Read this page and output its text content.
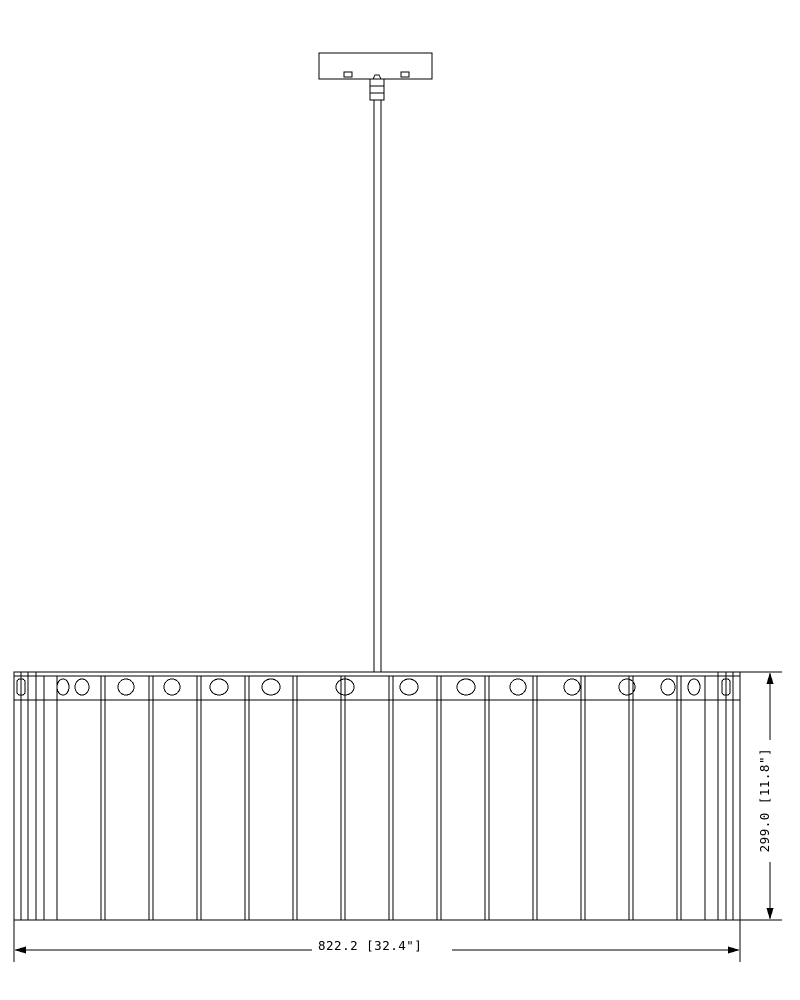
822.2 [32.4"]
299.0 [11.8"]
